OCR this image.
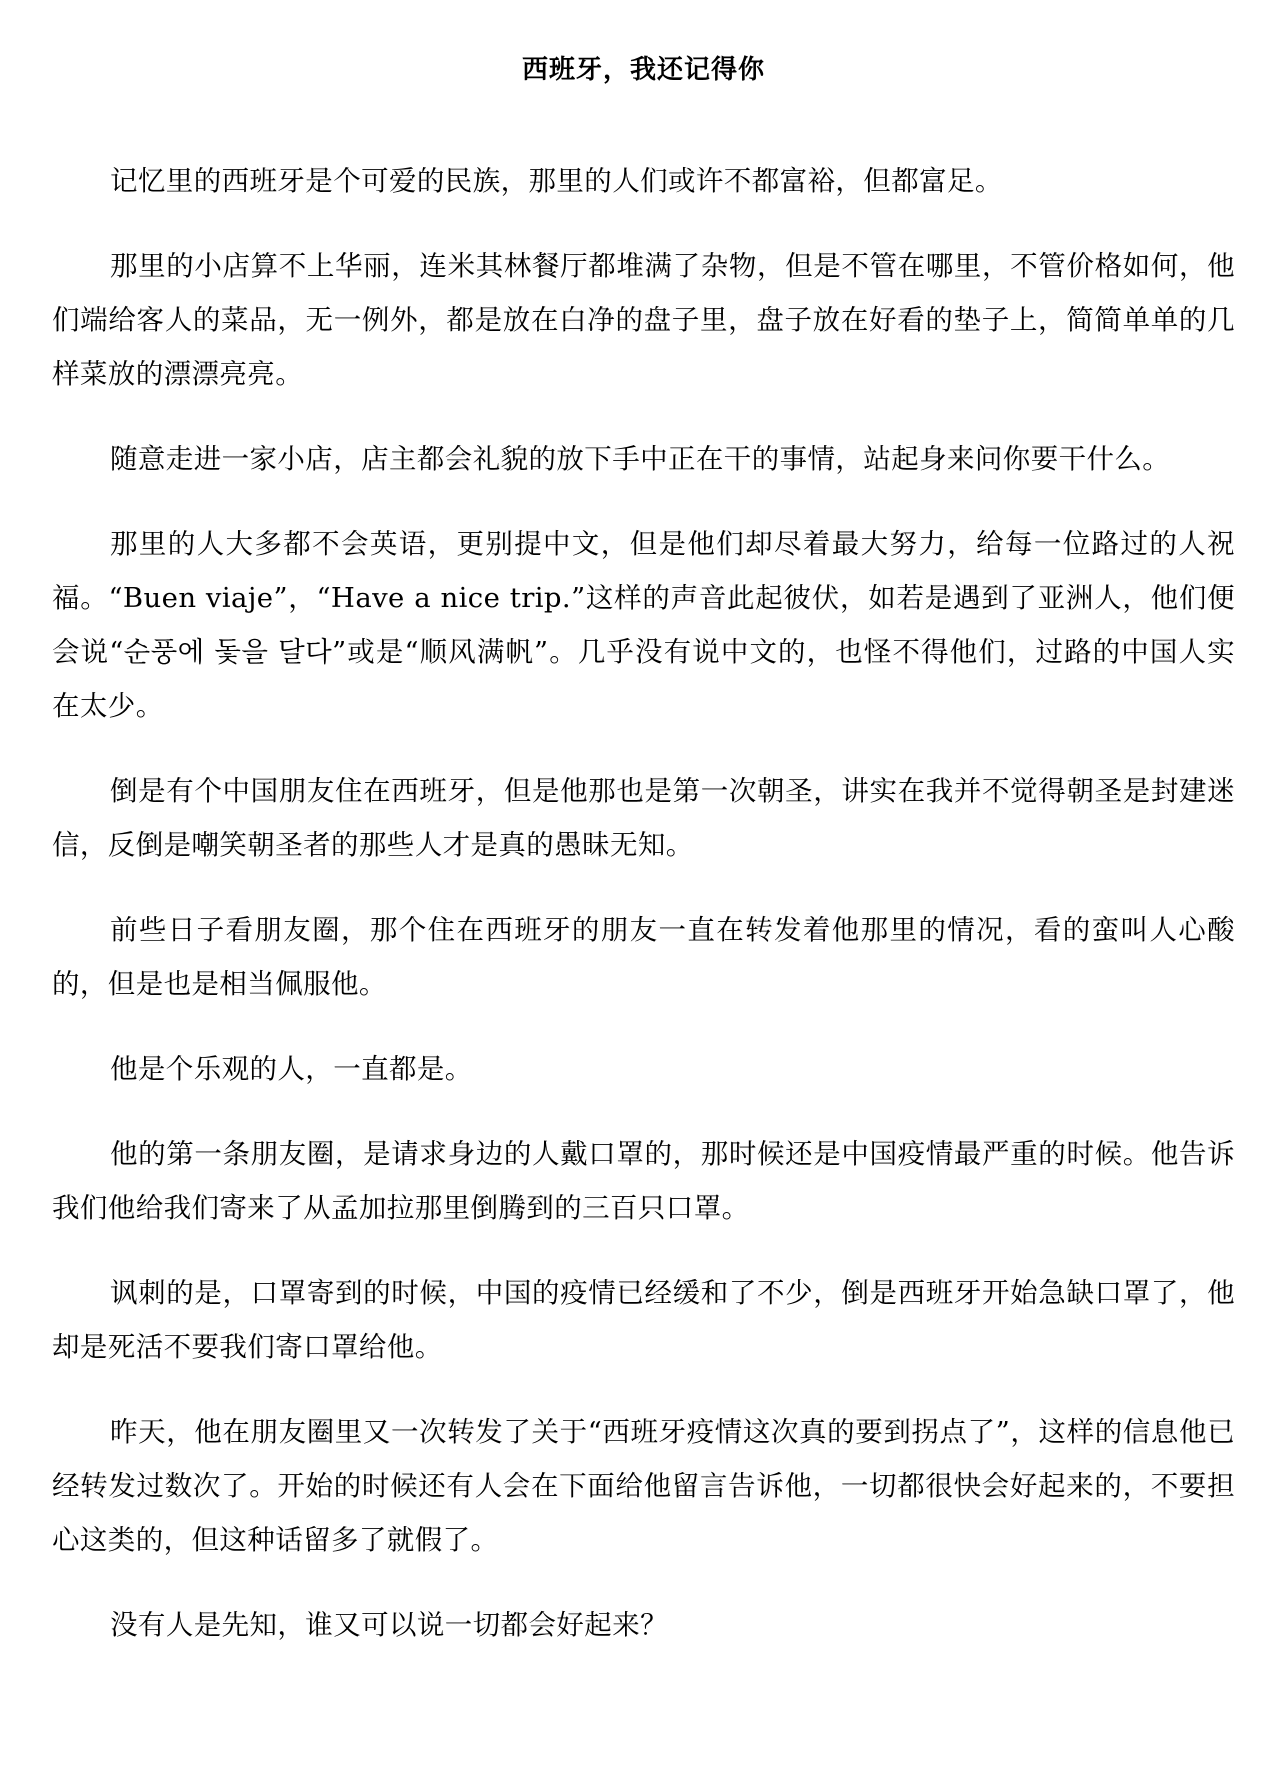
西班牙，我还记得你

记忆里的西班牙是个可爱的民族，那里的人们或许不都富裕，但都富足。

那里的小店算不上华丽，连米其林餐厅都堆满了杂物，但是不管在哪里，不管价格如何，他们端给客人的菜品，无一例外，都是放在白净的盘子里，盘子放在好看的垫子上，简简单单的几样菜放的漂漂亮亮。

随意走进一家小店，店主都会礼貌的放下手中正在干的事情，站起身来问你要干什么。

那里的人大多都不会英语，更别提中文，但是他们却尽着最大努力，给每一位路过的人祝福。“Buen viaje”，“Have a nice trip.”这样的声音此起彼伏，如若是遇到了亚洲人，他们便会说“순풍에 돛을 달다”或是“顺风满帆”。几乎没有说中文的，也怪不得他们，过路的中国人实在太少。

倒是有个中国朋友住在西班牙，但是他那也是第一次朝圣，讲实在我并不觉得朝圣是封建迷信，反倒是嘲笑朝圣者的那些人才是真的愚昧无知。

前些日子看朋友圈，那个住在西班牙的朋友一直在转发着他那里的情况，看的蛮叫人心酸的，但是也是相当佩服他。

他是个乐观的人，一直都是。

他的第一条朋友圈，是请求身边的人戴口罩的，那时候还是中国疫情最严重的时候。他告诉我们他给我们寄来了从孟加拉那里倒腾到的三百只口罩。

讽刺的是，口罩寄到的时候，中国的疫情已经缓和了不少，倒是西班牙开始急缺口罩了，他却是死活不要我们寄口罩给他。

昨天，他在朋友圈里又一次转发了关于“西班牙疫情这次真的要到拐点了”，这样的信息他已经转发过数次了。开始的时候还有人会在下面给他留言告诉他，一切都很快会好起来的，不要担心这类的，但这种话留多了就假了。

没有人是先知，谁又可以说一切都会好起来？
